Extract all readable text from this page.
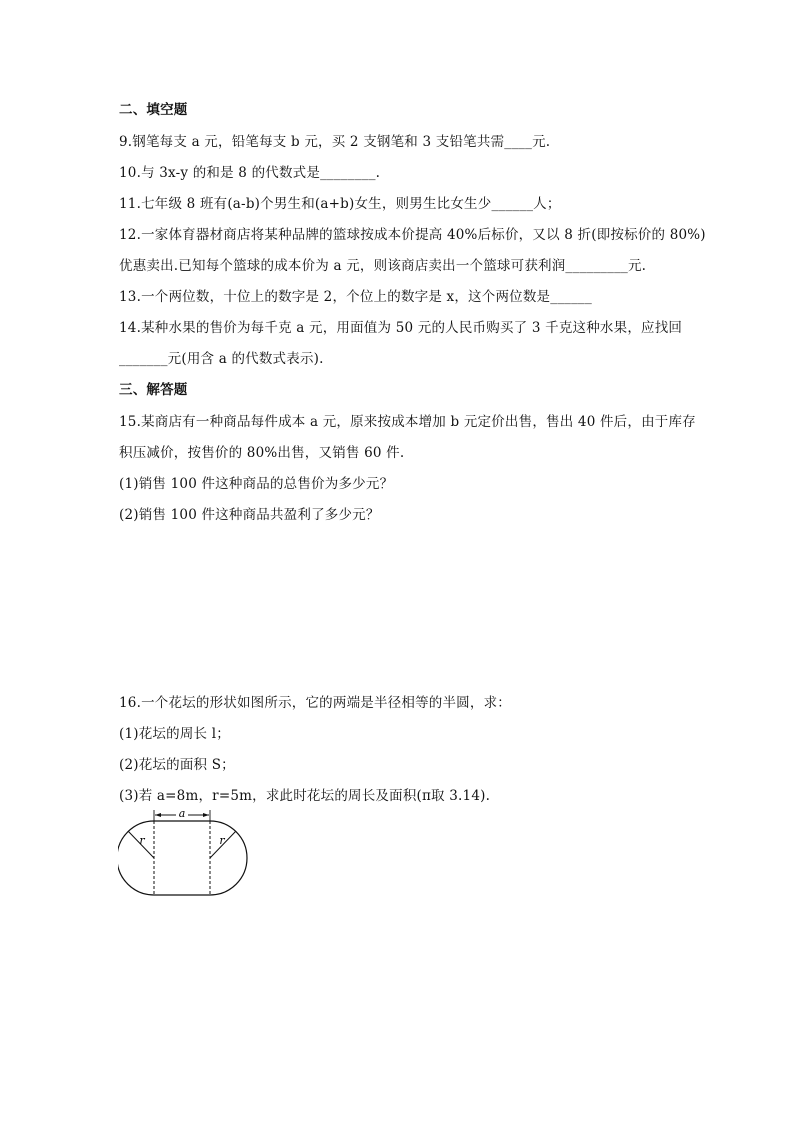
二、填空题
9.钢笔每支 a 元，铅笔每支 b 元，买 2 支钢笔和 3 支铅笔共需____元.
10.与 3x-y 的和是 8 的代数式是________.
11.七年级 8 班有(a-b)个男生和(a+b)女生，则男生比女生少______人；
12.一家体育器材商店将某种品牌的篮球按成本价提高 40%后标价，又以 8 折(即按标价的 80%)
优惠卖出.已知每个篮球的成本价为 a 元，则该商店卖出一个篮球可获利润_________元.
13.一个两位数，十位上的数字是 2，个位上的数字是 x，这个两位数是______
14.某种水果的售价为每千克 a 元，用面值为 50 元的人民币购买了 3 千克这种水果，应找回
_______元(用含 a 的代数式表示).
三、解答题
15.某商店有一种商品每件成本 a 元，原来按成本增加 b 元定价出售，售出 40 件后，由于库存
积压减价，按售价的 80%出售，又销售 60 件.
(1)销售 100 件这种商品的总售价为多少元？
(2)销售 100 件这种商品共盈利了多少元？
16.一个花坛的形状如图所示，它的两端是半径相等的半圆，求：
(1)花坛的周长 l；
(2)花坛的面积 S；
(3)若 a=8m，r=5m，求此时花坛的周长及面积(π取 3.14).
a
r	r
